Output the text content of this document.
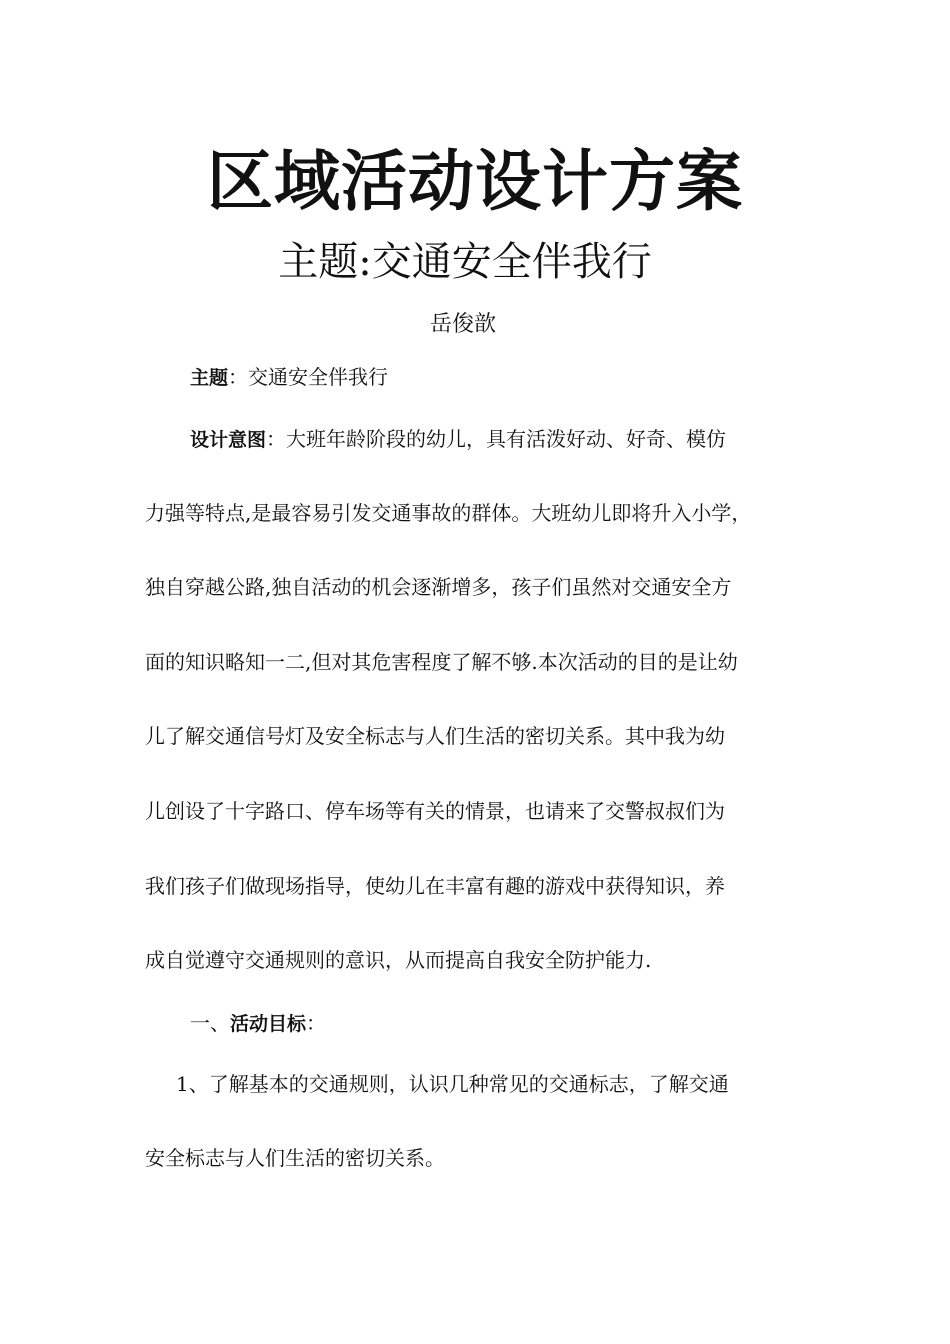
区域活动设计方案
主题:交通安全伴我行

岳俊歆

主题：交通安全伴我行

设计意图：大班年龄阶段的幼儿，具有活泼好动、好奇、模仿

力强等特点,是最容易引发交通事故的群体。大班幼儿即将升入小学，

独自穿越公路,独自活动的机会逐渐增多，孩子们虽然对交通安全方

面的知识略知一二,但对其危害程度了解不够.本次活动的目的是让幼

儿了解交通信号灯及安全标志与人们生活的密切关系。其中我为幼

儿创设了十字路口、停车场等有关的情景，也请来了交警叔叔们为

我们孩子们做现场指导，使幼儿在丰富有趣的游戏中获得知识，养

成自觉遵守交通规则的意识，从而提高自我安全防护能力.

一、活动目标：

1、了解基本的交通规则，认识几种常见的交通标志，了解交通

安全标志与人们生活的密切关系。
